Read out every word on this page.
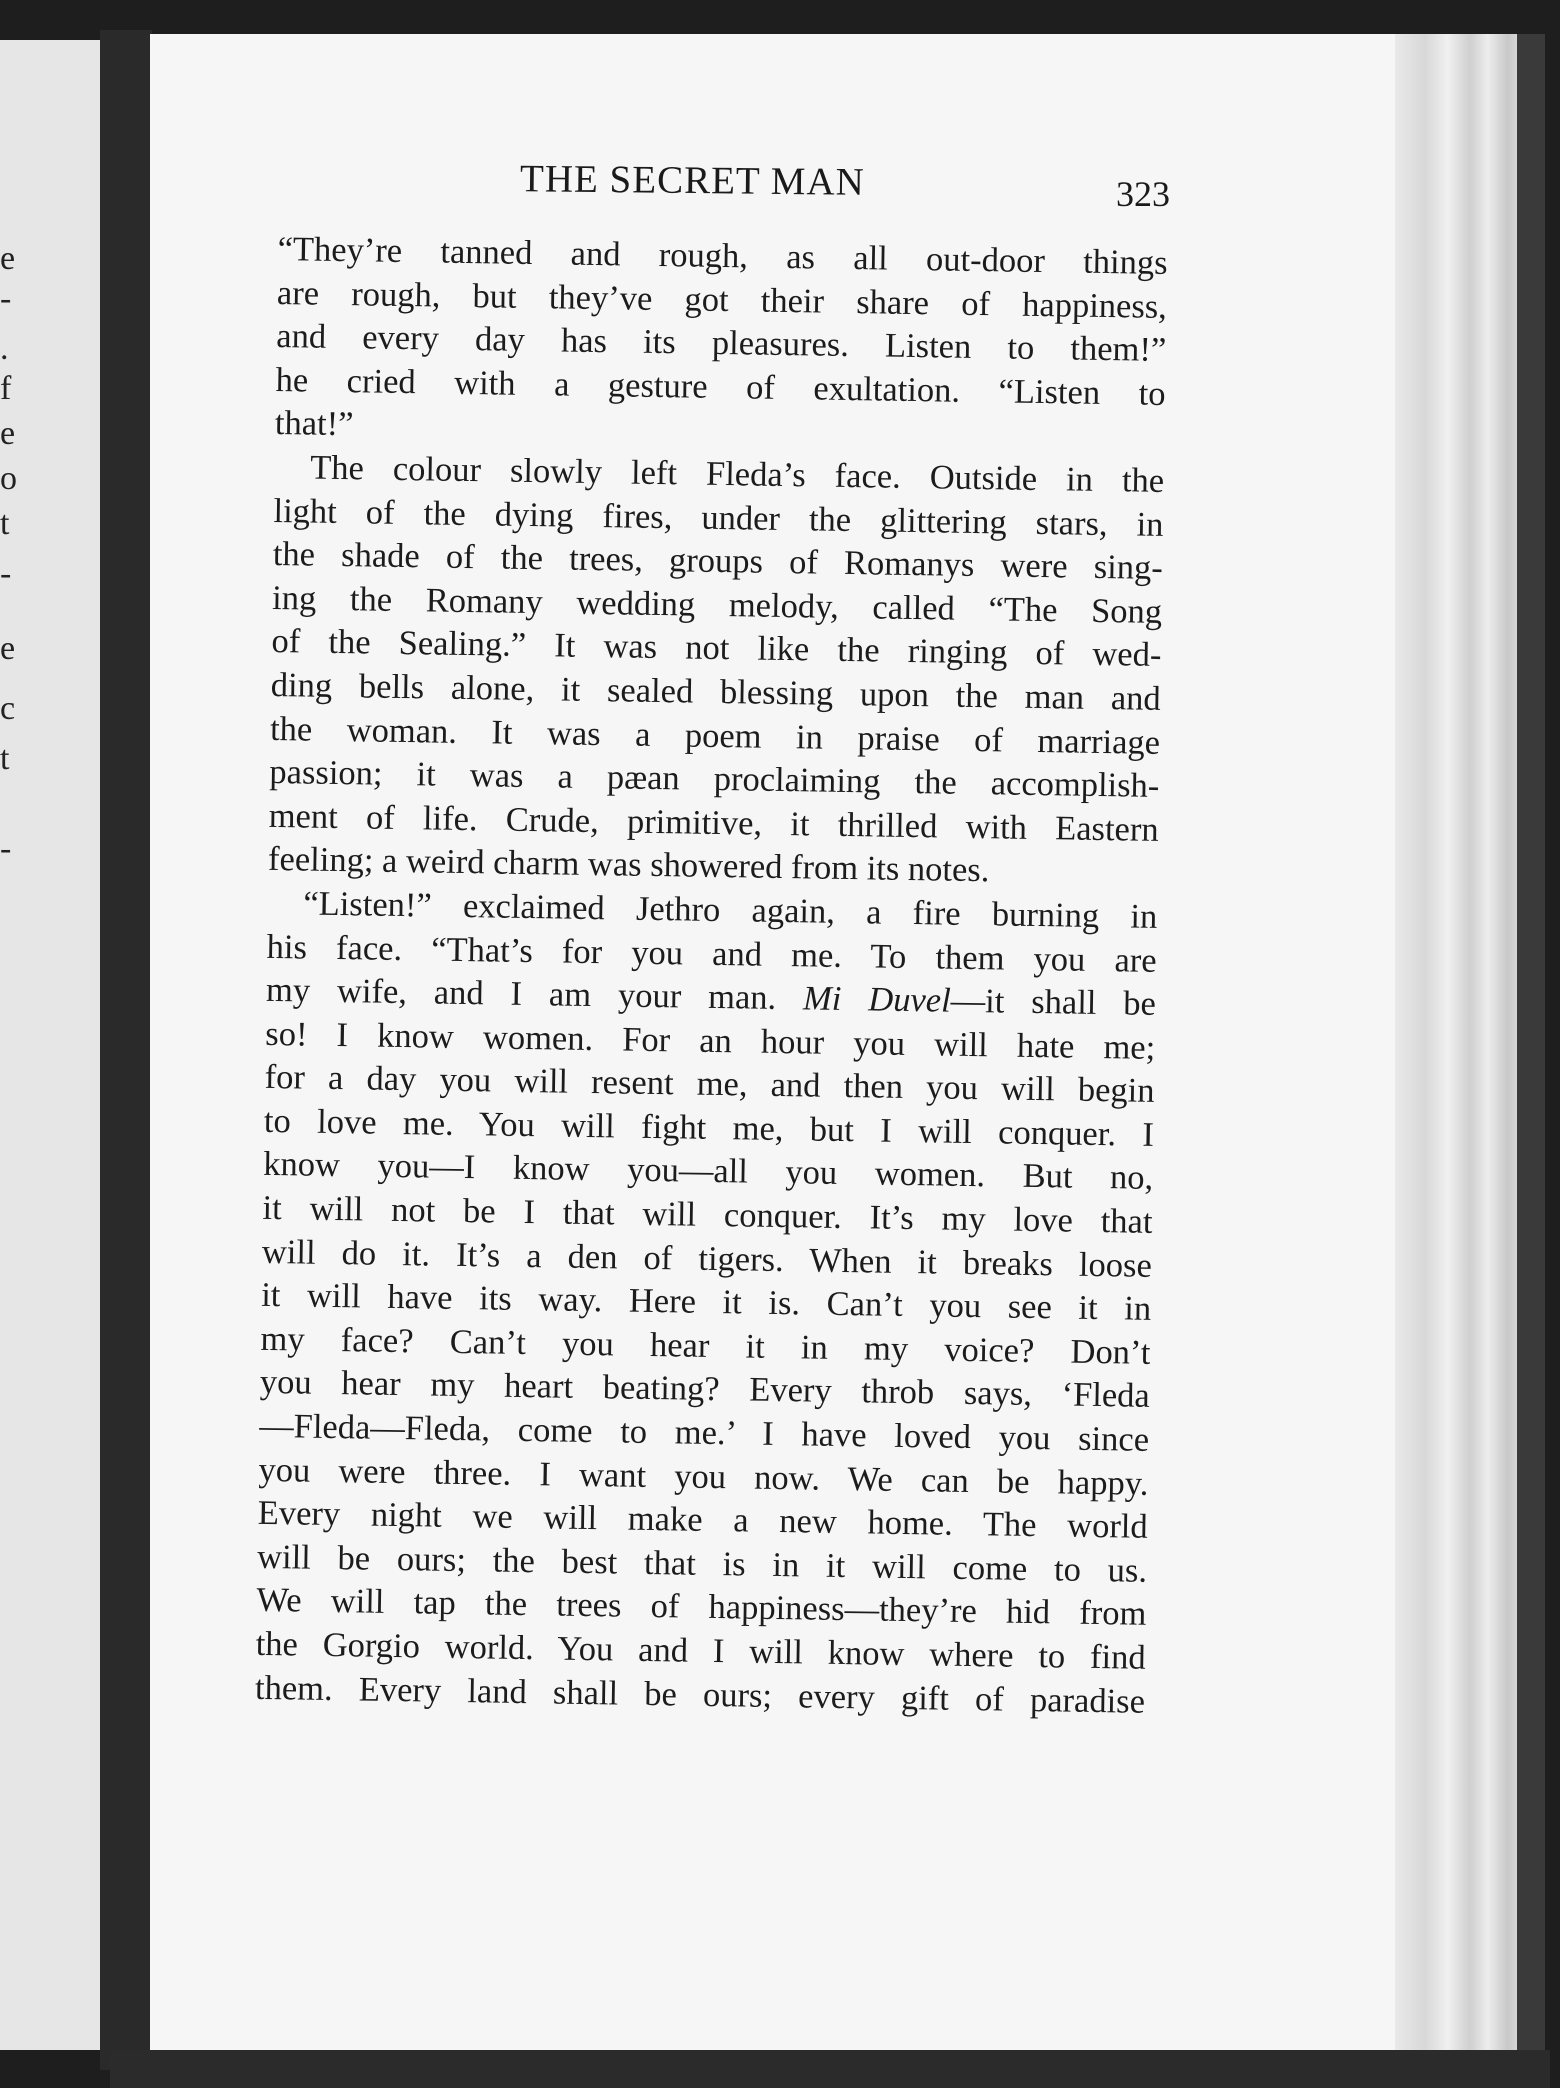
e
-
.
f
e
o
t
-
e
c
t
-
THE SECRET MAN	323
“They’re tanned and rough, as all out-door things
are rough, but they’ve got their share of happiness,
and every day has its pleasures. Listen to them!”
he cried with a gesture of exultation. “Listen to
that!”
The colour slowly left Fleda’s face. Outside in the
light of the dying fires, under the glittering stars, in
the shade of the trees, groups of Romanys were sing-
ing the Romany wedding melody, called “The Song
of the Sealing.” It was not like the ringing of wed-
ding bells alone, it sealed blessing upon the man and
the woman. It was a poem in praise of marriage
passion; it was a pæan proclaiming the accomplish-
ment of life. Crude, primitive, it thrilled with Eastern
feeling; a weird charm was showered from its notes.
“Listen!” exclaimed Jethro again, a fire burning in
his face. “That’s for you and me. To them you are
my wife, and I am your man. Mi Duvel—it shall be
so! I know women. For an hour you will hate me;
for a day you will resent me, and then you will begin
to love me. You will fight me, but I will conquer. I
know you—I know you—all you women. But no,
it will not be I that will conquer. It’s my love that
will do it. It’s a den of tigers. When it breaks loose
it will have its way. Here it is. Can’t you see it in
my face? Can’t you hear it in my voice? Don’t
you hear my heart beating? Every throb says, ‘Fleda
—Fleda—Fleda, come to me.’ I have loved you since
you were three. I want you now. We can be happy.
Every night we will make a new home. The world
will be ours; the best that is in it will come to us.
We will tap the trees of happiness—they’re hid from
the Gorgio world. You and I will know where to find
them. Every land shall be ours; every gift of paradise
